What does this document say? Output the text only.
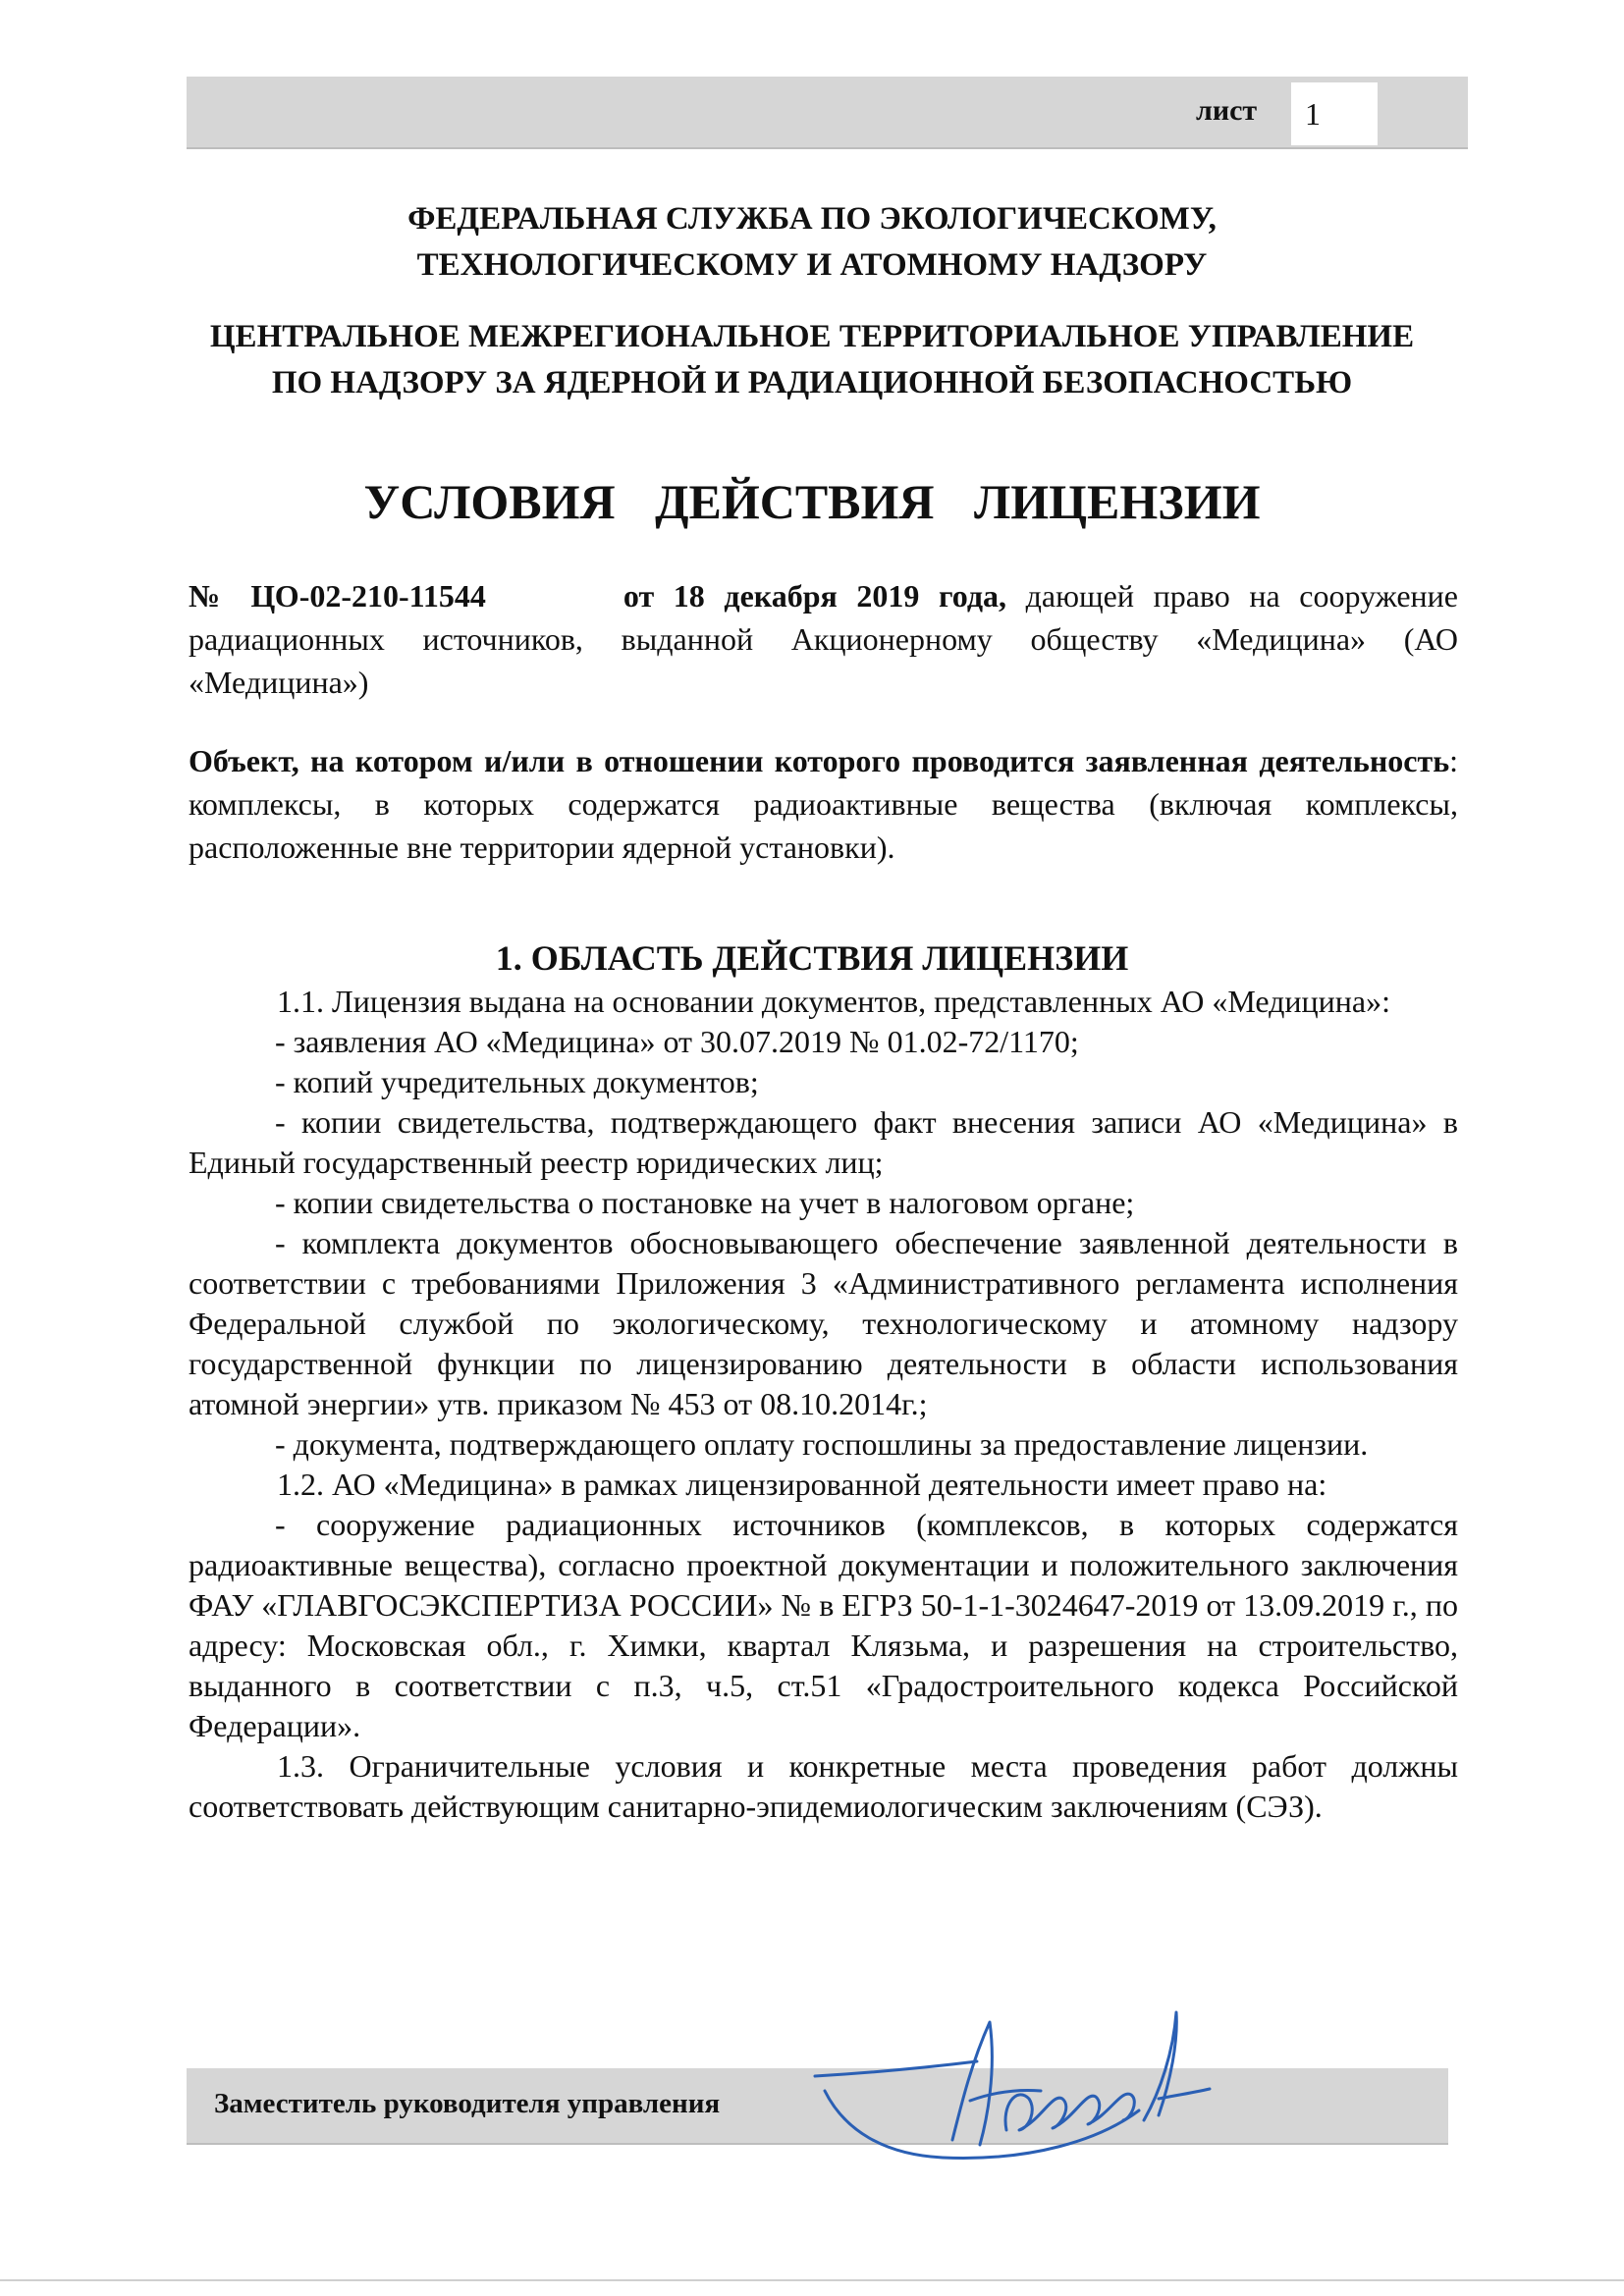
лист	1
ФЕДЕРАЛЬНАЯ СЛУЖБА ПО ЭКОЛОГИЧЕСКОМУ,
ТЕХНОЛОГИЧЕСКОМУ И АТОМНОМУ НАДЗОРУ
ЦЕНТРАЛЬНОЕ МЕЖРЕГИОНАЛЬНОЕ ТЕРРИТОРИАЛЬНОЕ УПРАВЛЕНИЕ
ПО НАДЗОРУ ЗА ЯДЕРНОЙ И РАДИАЦИОННОЙ БЕЗОПАСНОСТЬЮ
УСЛОВИЯ ДЕЙСТВИЯ ЛИЦЕНЗИИ
№ ЦО-02-210-11544	от 18 декабря 2019 года, дающей право на сооружение радиационных источников, выданной Акционерному обществу «Медицина» (АО «Медицина»)
Объект, на котором и/или в отношении которого проводится заявленная деятельность: комплексы, в которых содержатся радиоактивные вещества (включая комплексы, расположенные вне территории ядерной установки).
1. ОБЛАСТЬ ДЕЙСТВИЯ ЛИЦЕНЗИИ

1.1. Лицензия выдана на основании документов, представленных АО «Медицина»:

- заявления АО «Медицина» от 30.07.2019 № 01.02-72/1170;

- копий учредительных документов;

- копии свидетельства, подтверждающего факт внесения записи АО «Медицина» в Единый государственный реестр юридических лиц;

- копии свидетельства о постановке на учет в налоговом органе;

- комплекта документов обосновывающего обеспечение заявленной деятельности в соответствии с требованиями Приложения 3 «Административного регламента исполнения Федеральной службой по экологическому, технологическому и атомному надзору государственной функции по лицензированию деятельности в области использования атомной энергии» утв. приказом № 453 от 08.10.2014г.;

- документа, подтверждающего оплату госпошлины за предоставление лицензии.

1.2. АО «Медицина» в рамках лицензированной деятельности имеет право на:

- сооружение радиационных источников (комплексов, в которых содержатся радиоактивные вещества), согласно проектной документации и положительного заключения ФАУ «ГЛАВГОСЭКСПЕРТИЗА РОССИИ» № в ЕГРЗ 50-1-1-3024647-2019 от 13.09.2019 г., по адресу: Московская обл., г. Химки, квартал Клязьма, и разрешения на строительство, выданного в соответствии с п.3, ч.5, ст.51 «Градостроительного кодекса Российской Федерации».

1.3. Ограничительные условия и конкретные места проведения работ должны соответствовать действующим санитарно-эпидемиологическим заключениям (СЭЗ).

Заместитель руководителя управления
